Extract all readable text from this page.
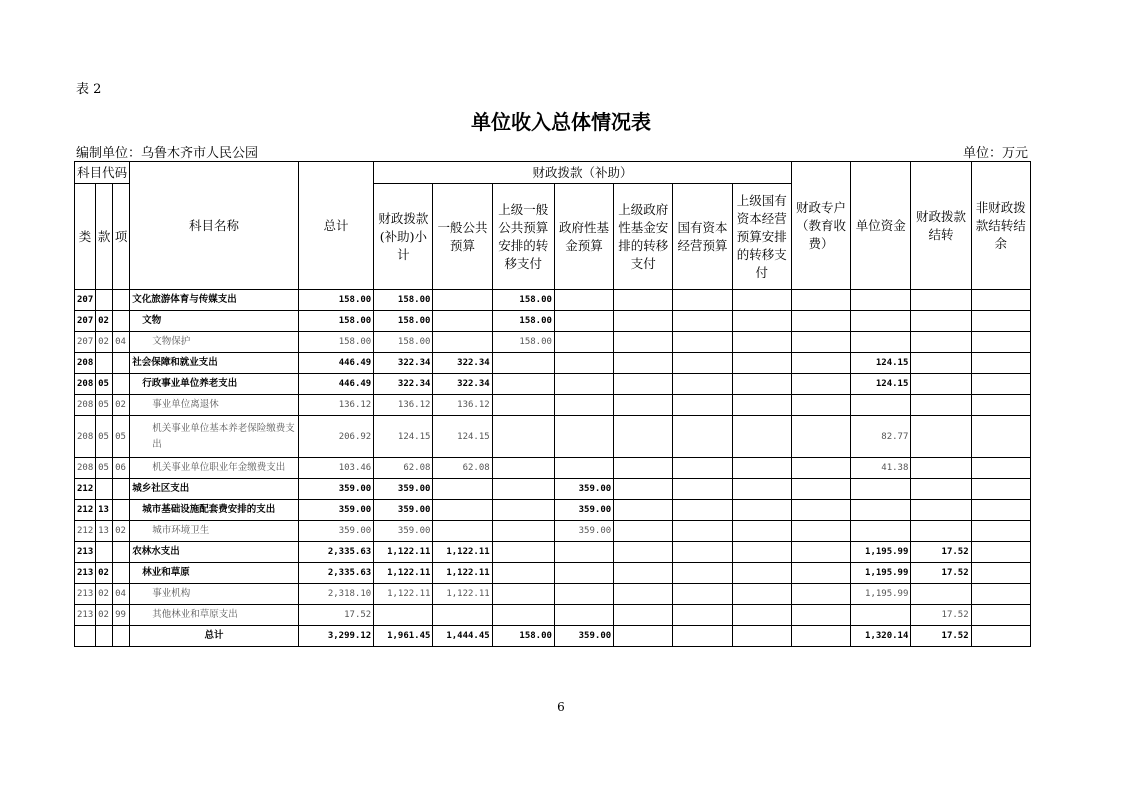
表 2
单位收入总体情况表
编制单位：乌鲁木齐市人民公园	单位：万元
科目代码			科目名称	总计	财政拨款（补助）							财政专户（教育收费）	单位资金	财政拨款结转	非财政拨款结转结余
类	款	项			财政拨款(补助)小计	一般公共预算	上级一般公共预算安排的转移支付	政府性基金预算	上级政府性基金安排的转移支付	国有资本经营预算	上级国有资本经营预算安排的转移支付				
207			文化旅游体育与传媒支出	158.00	158.00		158.00								
207	02		文物	158.00	158.00		158.00								
207	02	04	文物保护	158.00	158.00		158.00								
208			社会保障和就业支出	446.49	322.34	322.34							124.15		
208	05		行政事业单位养老支出	446.49	322.34	322.34							124.15		
208	05	02	事业单位离退休	136.12	136.12	136.12									
208	05	05	机关事业单位基本养老保险缴费支出	206.92	124.15	124.15							82.77		
208	05	06	机关事业单位职业年金缴费支出	103.46	62.08	62.08							41.38		
212			城乡社区支出	359.00	359.00			359.00							
212	13		城市基础设施配套费安排的支出	359.00	359.00			359.00							
212	13	02	城市环境卫生	359.00	359.00			359.00							
213			农林水支出	2,335.63	1,122.11	1,122.11							1,195.99	17.52	
213	02		林业和草原	2,335.63	1,122.11	1,122.11							1,195.99	17.52	
213	02	04	事业机构	2,318.10	1,122.11	1,122.11							1,195.99		
213	02	99	其他林业和草原支出	17.52										17.52	
			总计	3,299.12	1,961.45	1,444.45	158.00	359.00					1,320.14	17.52	
6
